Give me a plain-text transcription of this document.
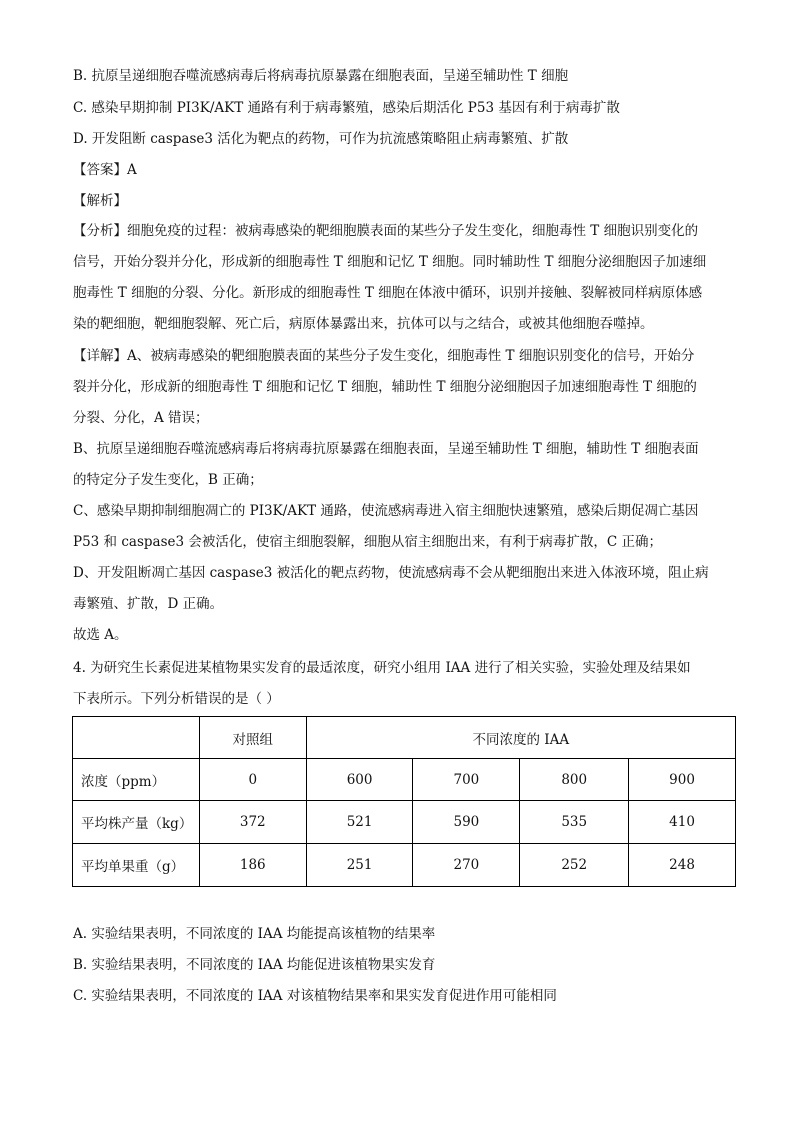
B. 抗原呈递细胞吞噬流感病毒后将病毒抗原暴露在细胞表面，呈递至辅助性 T 细胞
C. 感染早期抑制 PI3K/AKT 通路有利于病毒繁殖，感染后期活化 P53 基因有利于病毒扩散
D. 开发阻断 caspase3 活化为靶点的药物，可作为抗流感策略阻止病毒繁殖、扩散
【答案】A
【解析】
【分析】细胞免疫的过程：被病毒感染的靶细胞膜表面的某些分子发生变化，细胞毒性 T 细胞识别变化的
信号，开始分裂并分化，形成新的细胞毒性 T 细胞和记忆 T 细胞。同时辅助性 T 细胞分泌细胞因子加速细
胞毒性 T 细胞的分裂、分化。新形成的细胞毒性 T 细胞在体液中循环，识别并接触、裂解被同样病原体感
染的靶细胞，靶细胞裂解、死亡后，病原体暴露出来，抗体可以与之结合，或被其他细胞吞噬掉。
【详解】A、被病毒感染的靶细胞膜表面的某些分子发生变化，细胞毒性 T 细胞识别变化的信号，开始分
裂并分化，形成新的细胞毒性 T 细胞和记忆 T 细胞，辅助性 T 细胞分泌细胞因子加速细胞毒性 T 细胞的
分裂、分化，A 错误；
B、抗原呈递细胞吞噬流感病毒后将病毒抗原暴露在细胞表面，呈递至辅助性 T 细胞，辅助性 T 细胞表面
的特定分子发生变化，B 正确；
C、感染早期抑制细胞凋亡的 PI3K/AKT 通路，使流感病毒进入宿主细胞快速繁殖，感染后期促凋亡基因
P53 和 caspase3 会被活化，使宿主细胞裂解，细胞从宿主细胞出来，有利于病毒扩散，C 正确；
D、开发阻断凋亡基因 caspase3 被活化的靶点药物，使流感病毒不会从靶细胞出来进入体液环境，阻止病
毒繁殖、扩散，D 正确。
故选 A。
4. 为研究生长素促进某植物果实发育的最适浓度，研究小组用 IAA 进行了相关实验，实验处理及结果如
下表所示。下列分析错误的是（ ）
	对照组	不同浓度的 IAA			
浓度（ppm）	0	600	700	800	900
平均株产量（kg）	372	521	590	535	410
平均单果重（g）	186	251	270	252	248
A. 实验结果表明，不同浓度的 IAA 均能提高该植物的结果率
B. 实验结果表明，不同浓度的 IAA 均能促进该植物果实发育
C. 实验结果表明，不同浓度的 IAA 对该植物结果率和果实发育促进作用可能相同
